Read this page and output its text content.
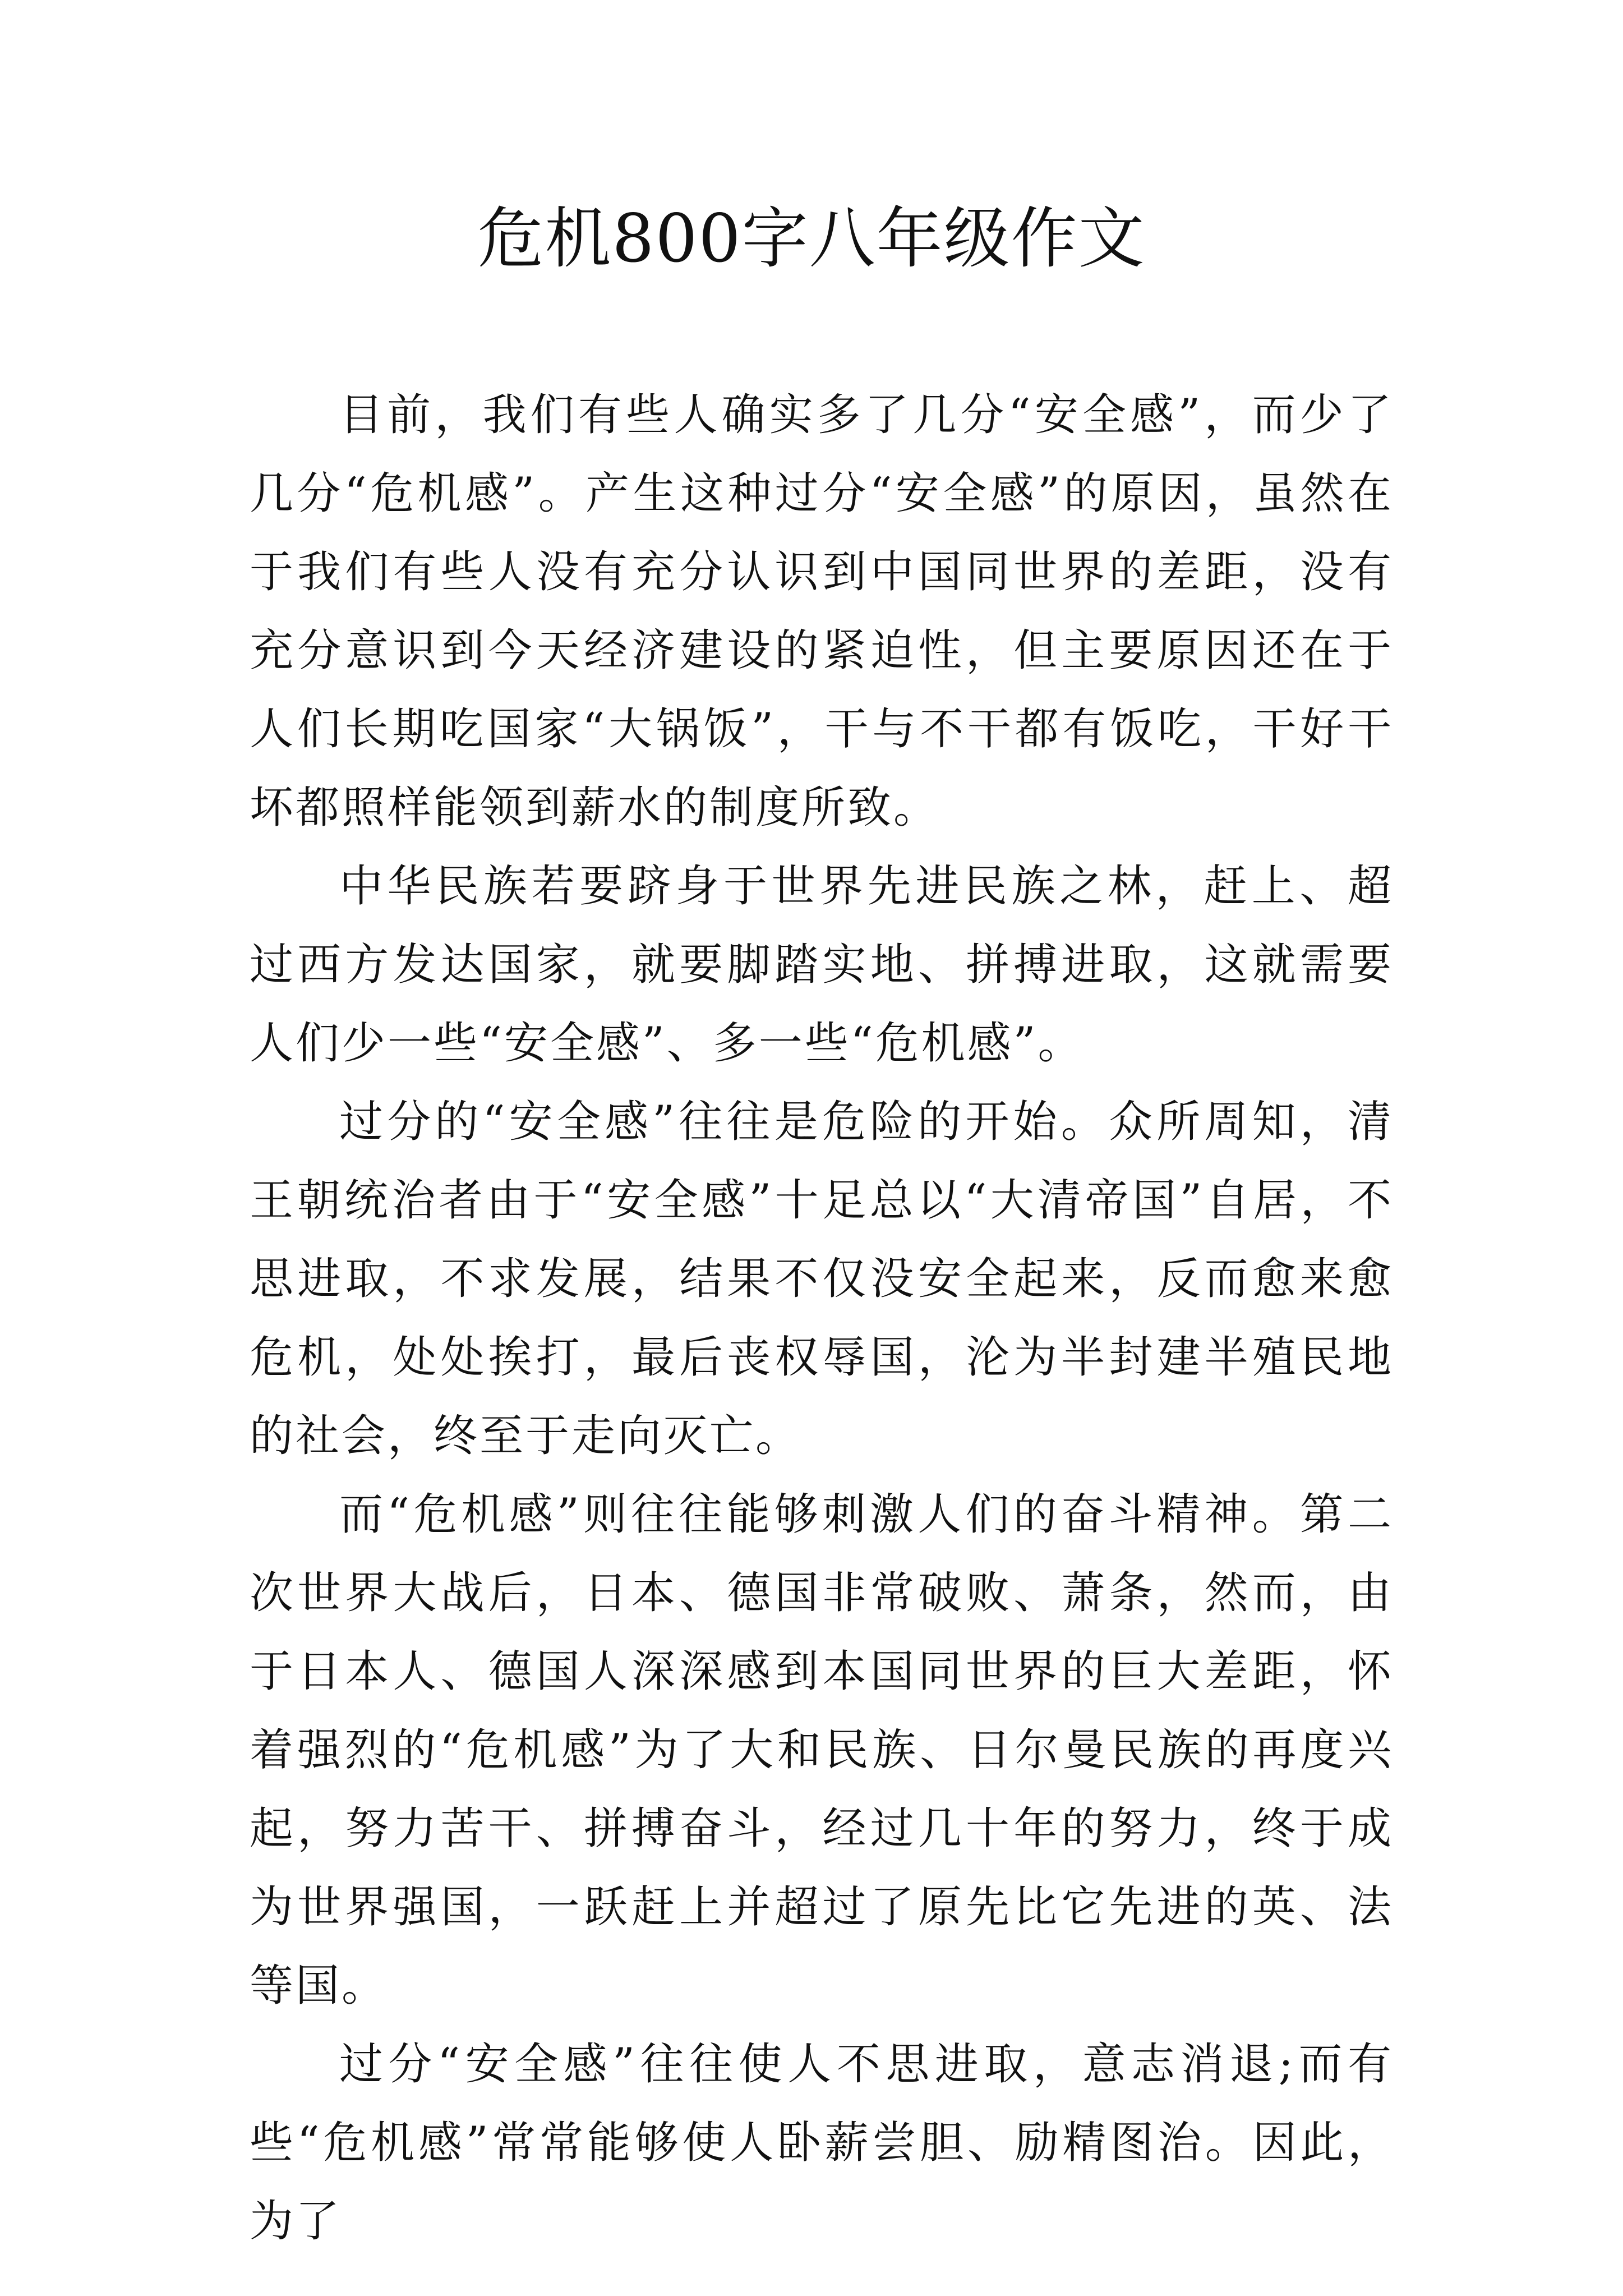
危机800字八年级作文

目前，我们有些人确实多了几分“安全感”，而少了几分“危机感”。产生这种过分“安全感”的原因，虽然在于我们有些人没有充分认识到中国同世界的差距，没有充分意识到今天经济建设的紧迫性，但主要原因还在于人们长期吃国家“大锅饭”，干与不干都有饭吃，干好干坏都照样能领到薪水的制度所致。

中华民族若要跻身于世界先进民族之林，赶上、超过西方发达国家，就要脚踏实地、拼搏进取，这就需要人们少一些“安全感”、多一些“危机感”。

过分的“安全感”往往是危险的开始。众所周知，清王朝统治者由于“安全感”十足总以“大清帝国”自居，不思进取，不求发展，结果不仅没安全起来，反而愈来愈危机，处处挨打，最后丧权辱国，沦为半封建半殖民地的社会，终至于走向灭亡。

而“危机感”则往往能够刺激人们的奋斗精神。第二次世界大战后，日本、德国非常破败、萧条，然而，由于日本人、德国人深深感到本国同世界的巨大差距，怀着强烈的“危机感”为了大和民族、日尔曼民族的再度兴起，努力苦干、拼搏奋斗，经过几十年的努力，终于成为世界强国，一跃赶上并超过了原先比它先进的英、法等国。

过分“安全感”往往使人不思进取，意志消退;而有些“危机感”常常能够使人卧薪尝胆、励精图治。因此，为了
